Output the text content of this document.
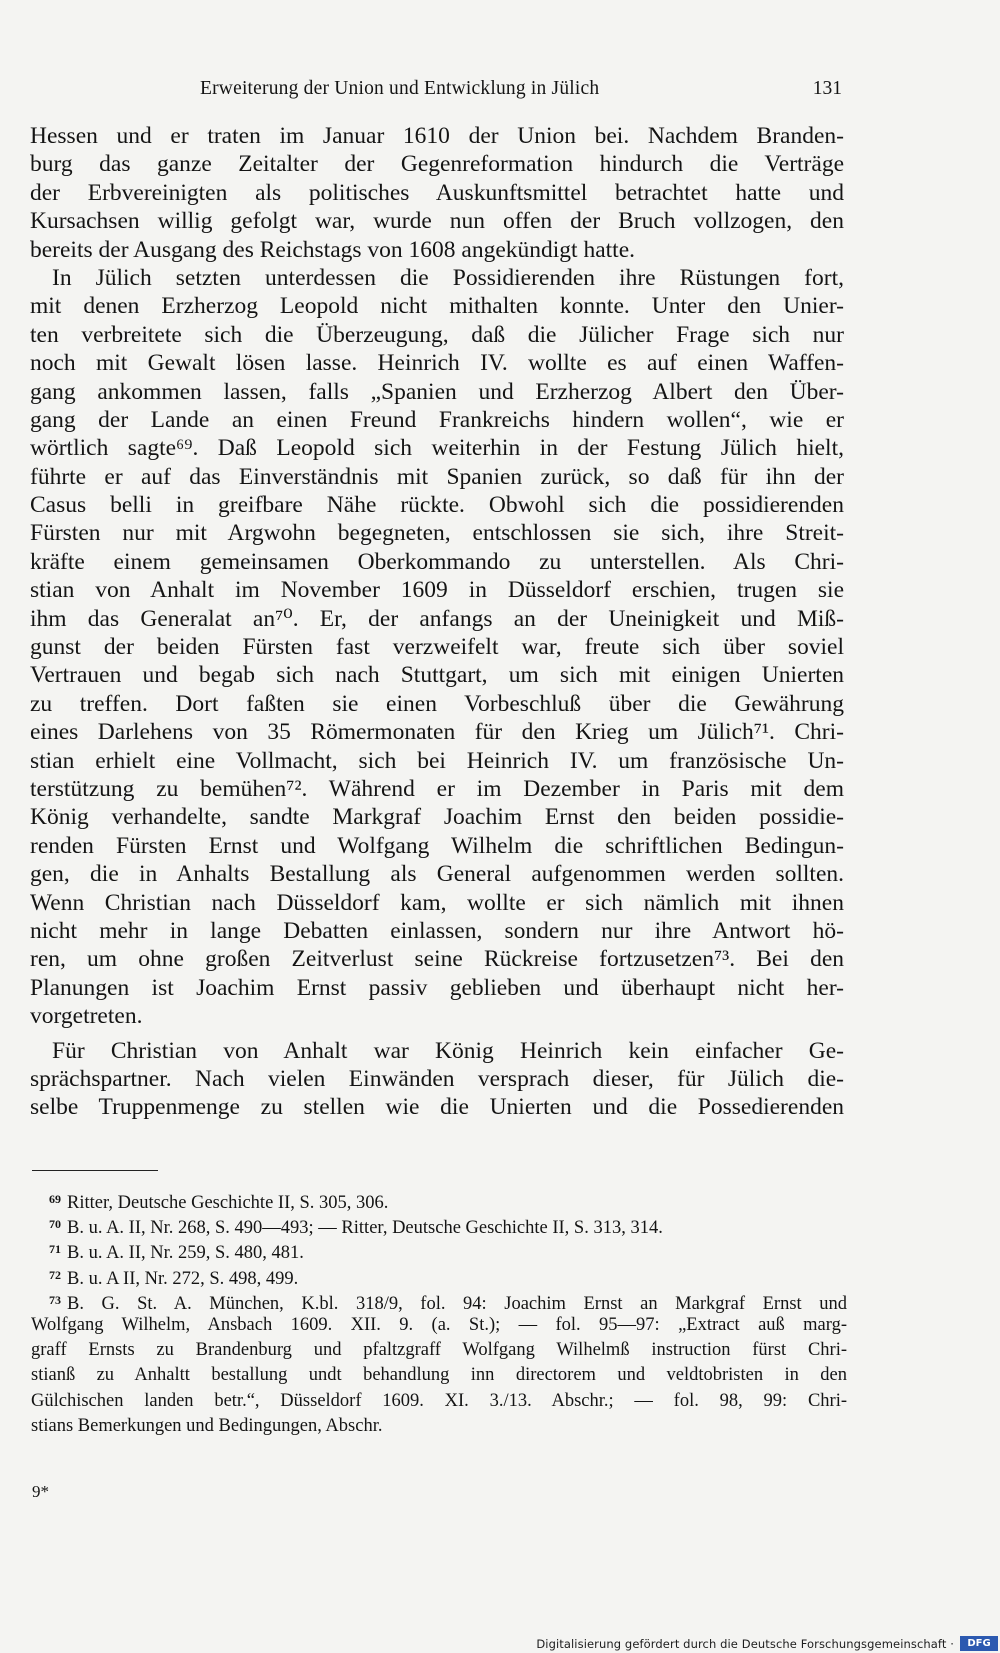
Erweiterung der Union und Entwicklung in Jülich	131
Hessen und er traten im Januar 1610 der Union bei. Nachdem Branden-
burg das ganze Zeitalter der Gegenreformation hindurch die Verträge
der Erbvereinigten als politisches Auskunftsmittel betrachtet hatte und
Kursachsen willig gefolgt war, wurde nun offen der Bruch vollzogen, den
bereits der Ausgang des Reichstags von 1608 angekündigt hatte.
In Jülich setzten unterdessen die Possidierenden ihre Rüstungen fort,
mit denen Erzherzog Leopold nicht mithalten konnte. Unter den Unier-
ten verbreitete sich die Überzeugung, daß die Jülicher Frage sich nur
noch mit Gewalt lösen lasse. Heinrich IV. wollte es auf einen Waffen-
gang ankommen lassen, falls „Spanien und Erzherzog Albert den Über-
gang der Lande an einen Freund Frankreichs hindern wollen“, wie er
wörtlich sagte⁶⁹. Daß Leopold sich weiterhin in der Festung Jülich hielt,
führte er auf das Einverständnis mit Spanien zurück, so daß für ihn der
Casus belli in greifbare Nähe rückte. Obwohl sich die possidierenden
Fürsten nur mit Argwohn begegneten, entschlossen sie sich, ihre Streit-
kräfte einem gemeinsamen Oberkommando zu unterstellen. Als Chri-
stian von Anhalt im November 1609 in Düsseldorf erschien, trugen sie
ihm das Generalat an⁷⁰. Er, der anfangs an der Uneinigkeit und Miß-
gunst der beiden Fürsten fast verzweifelt war, freute sich über soviel
Vertrauen und begab sich nach Stuttgart, um sich mit einigen Unierten
zu treffen. Dort faßten sie einen Vorbeschluß über die Gewährung
eines Darlehens von 35 Römermonaten für den Krieg um Jülich⁷¹. Chri-
stian erhielt eine Vollmacht, sich bei Heinrich IV. um französische Un-
terstützung zu bemühen⁷². Während er im Dezember in Paris mit dem
König verhandelte, sandte Markgraf Joachim Ernst den beiden possidie-
renden Fürsten Ernst und Wolfgang Wilhelm die schriftlichen Bedingun-
gen, die in Anhalts Bestallung als General aufgenommen werden sollten.
Wenn Christian nach Düsseldorf kam, wollte er sich nämlich mit ihnen
nicht mehr in lange Debatten einlassen, sondern nur ihre Antwort hö-
ren, um ohne großen Zeitverlust seine Rückreise fortzusetzen⁷³. Bei den
Planungen ist Joachim Ernst passiv geblieben und überhaupt nicht her-
vorgetreten.
Für Christian von Anhalt war König Heinrich kein einfacher Ge-
sprächspartner. Nach vielen Einwänden versprach dieser, für Jülich die-
selbe Truppenmenge zu stellen wie die Unierten und die Possedierenden
$^{69}$ Ritter, Deutsche Geschichte II, S. 305, 306.
$^{70}$ B. u. A. II, Nr. 268, S. 490—493; — Ritter, Deutsche Geschichte II, S. 313, 314.
$^{71}$ B. u. A. II, Nr. 259, S. 480, 481.
$^{72}$ B. u. A II, Nr. 272, S. 498, 499.
$^{73}$ B. G. St. A. München, K.bl. 318/9, fol. 94: Joachim Ernst an Markgraf Ernst und
Wolfgang Wilhelm, Ansbach 1609. XII. 9. (a. St.); — fol. 95—97: „Extract auß marg-
graff Ernsts zu Brandenburg und pfaltzgraff Wolfgang Wilhelmß instruction fürst Chri-
stianß zu Anhaltt bestallung undt behandlung inn directorem und veldtobristen in den
Gülchischen landen betr.“, Düsseldorf 1609. XI. 3./13. Abschr.; — fol. 98, 99: Chri-
stians Bemerkungen und Bedingungen, Abschr.
9*
Digitalisierung gefördert durch die Deutsche Forschungsgemeinschaft ·	DFG
